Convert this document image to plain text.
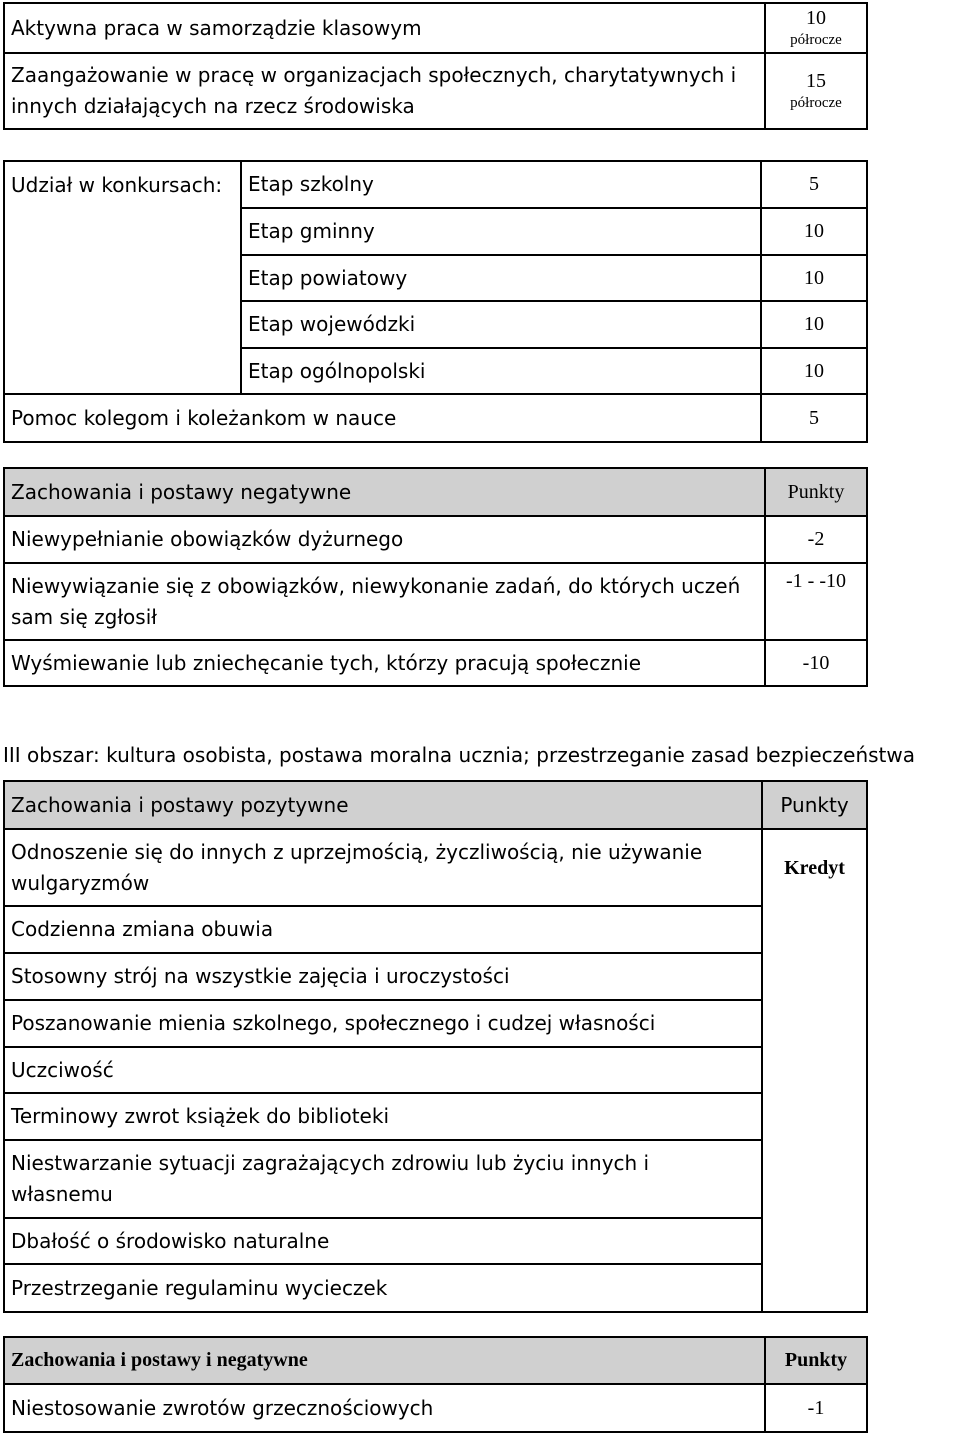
Aktywna praca w samorządzie klasowym	10
półrocze

Zaangażowanie w pracę w organizacjach społecznych, charytatywnych i innych działających na rzecz środowiska	15
półrocze
Udział w konkursach:	Etap szkolny	5
	Etap gminny	10
	Etap powiatowy	10
	Etap wojewódzki	10
	Etap ogólnopolski	10
Pomoc kolegom i koleżankom w nauce		5
Zachowania i postawy negatywne	Punkty
Niewypełnianie obowiązków dyżurnego	-2
Niewywiązanie się z obowiązków, niewykonanie zadań, do których uczeń sam się zgłosił	-1 - -10
Wyśmiewanie lub zniechęcanie tych, którzy pracują społecznie	-10
III obszar: kultura osobista, postawa moralna ucznia; przestrzeganie zasad bezpieczeństwa
Zachowania i postawy pozytywne	Punkty
Odnoszenie się do innych z uprzejmością, życzliwością, nie używanie wulgaryzmów	Kredyt
Codzienna zmiana obuwia	
Stosowny strój na wszystkie zajęcia i uroczystości	
Poszanowanie mienia szkolnego, społecznego i cudzej własności	
Uczciwość	
Terminowy zwrot książek do biblioteki	
Niestwarzanie sytuacji zagrażających zdrowiu lub życiu innych i własnemu	
Dbałość o środowisko naturalne	
Przestrzeganie regulaminu wycieczek	
Zachowania i postawy i negatywne	Punkty
Niestosowanie zwrotów grzecznościowych	-1
